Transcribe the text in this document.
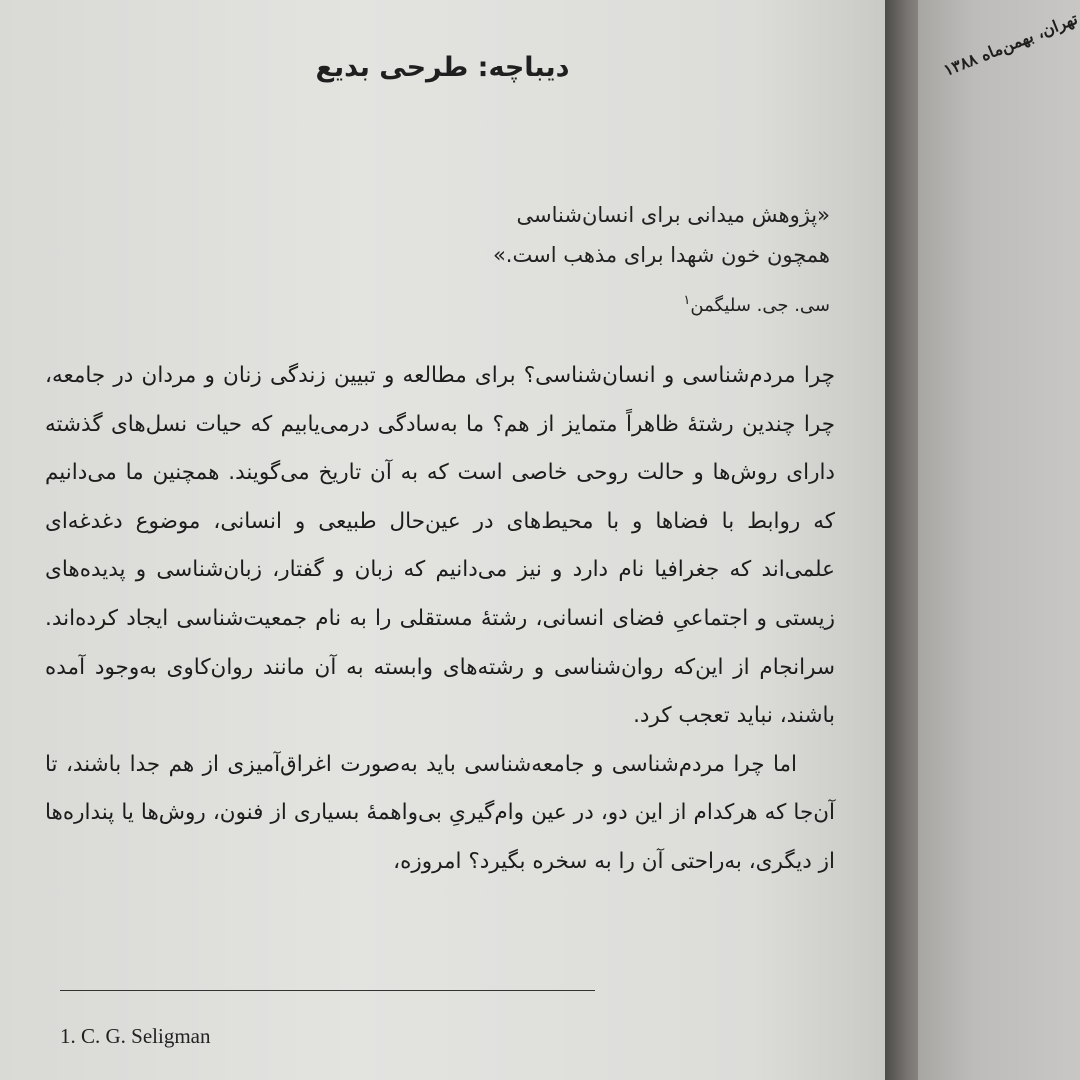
دیباچه: طرحی بدیع
«پژوهش میدانی برای انسان‌شناسی
همچون خون شهدا برای مذهب است.»
سی. جی. سلیگمن$^۱$

چرا مردم‌شناسی و انسان‌شناسی؟ برای مطالعه و تبیین زندگی زنان و مردان در جامعه، چرا چندین رشتهٔ ظاهراً متمایز از هم؟ ما به‌سادگی درمی‌یابیم که حیات نسل‌های گذشته دارای روش‌ها و حالت روحی خاصی است که به آن تاریخ می‌گویند. همچنین ما می‌دانیم که روابط با فضاها و با محیط‌های در عین‌حال طبیعی و انسانی، موضوع دغدغه‌ای علمی‌اند که جغرافیا نام دارد و نیز می‌دانیم که زبان و گفتار، زبان‌شناسی و پدیده‌های زیستی و اجتماعیِ فضای انسانی، رشتهٔ مستقلی را به نام جمعیت‌شناسی ایجاد کرده‌اند. سرانجام از این‌که روان‌شناسی و رشته‌های وابسته به آن مانند روان‌کاوی به‌وجود آمده باشند، نباید تعجب کرد.

اما چرا مردم‌شناسی و جامعه‌شناسی باید به‌صورت اغراق‌آمیزی از هم جدا باشند، تا آن‌جا که هرکدام از این دو، در عین وام‌گیریِ بی‌واهمهٔ بسیاری از فنون، روش‌ها یا پنداره‌ها از دیگری، به‌راحتی آن را به سخره بگیرد؟ امروزه،

1. C. G. Seligman
تهران، بهمن‌ماه ۱۳۸۸
